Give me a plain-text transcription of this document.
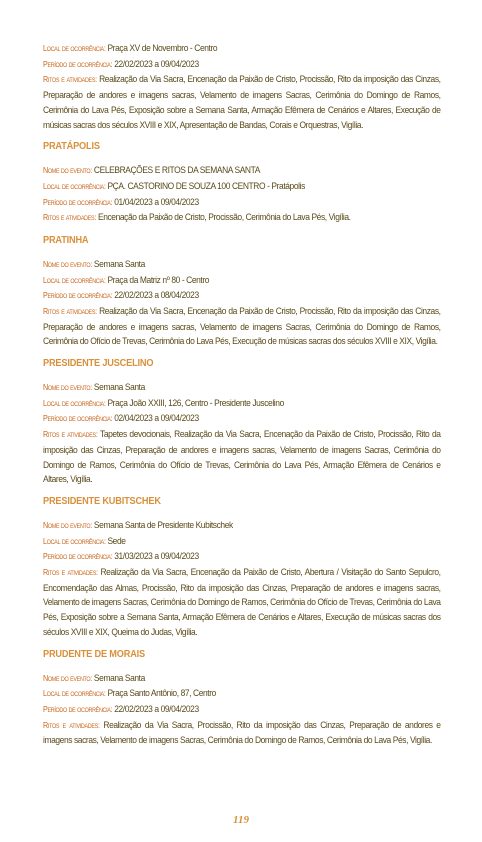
Local de ocorrência: Praça XV de Novembro - Centro
Período de ocorrência: 22/02/2023 a 09/04/2023
Ritos e atividades: Realização da Via Sacra, Encenação da Paixão de Cristo, Procissão, Rito da imposição das Cinzas, Preparação de andores e imagens sacras, Velamento de imagens Sacras, Cerimônia do Domingo de Ramos, Cerimônia do Lava Pés, Exposição sobre a Semana Santa, Armação Efêmera de Cenários e Altares, Execução de músicas sacras dos séculos XVIII e XIX, Apresentação de Bandas, Corais e Orquestras, Vigília.
PRATÁPOLIS
Nome do evento: CELEBRAÇÕES E RITOS DA SEMANA SANTA
Local de ocorrência: PÇA. CASTORINO DE SOUZA 100 CENTRO - Pratápolis
Período de ocorrência: 01/04/2023 a 09/04/2023
Ritos e atividades: Encenação da Paixão de Cristo, Procissão, Cerimônia do Lava Pés, Vigília.
PRATINHA
Nome do evento: Semana Santa
Local de ocorrência: Praça da Matriz nº 80 - Centro
Período de ocorrência: 22/02/2023 a 08/04/2023
Ritos e atividades: Realização da Via Sacra, Encenação da Paixão de Cristo, Procissão, Rito da imposição das Cinzas, Preparação de andores e imagens sacras, Velamento de imagens Sacras, Cerimônia do Domingo de Ramos, Cerimônia do Ofício de Trevas, Cerimônia do Lava Pés, Execução de músicas sacras dos séculos XVIII e XIX, Vigília.
PRESIDENTE JUSCELINO
Nome do evento: Semana Santa
Local de ocorrência: Praça João XXIII, 126, Centro - Presidente Juscelino
Período de ocorrência: 02/04/2023 a 09/04/2023
Ritos e atividades: Tapetes devocionais, Realização da Via Sacra, Encenação da Paixão de Cristo, Procissão, Rito da imposição das Cinzas, Preparação de andores e imagens sacras, Velamento de imagens Sacras, Cerimônia do Domingo de Ramos, Cerimônia do Ofício de Trevas, Cerimônia do Lava Pés, Armação Efêmera de Cenários e Altares, Vigília.
PRESIDENTE KUBITSCHEK
Nome do evento: Semana Santa de Presidente Kubitschek
Local de ocorrência: Sede
Período de ocorrência: 31/03/2023 a 09/04/2023
Ritos e atividades: Realização da Via Sacra, Encenação da Paixão de Cristo, Abertura / Visitação do Santo Sepulcro, Encomendação das Almas, Procissão, Rito da imposição das Cinzas, Preparação de andores e imagens sacras, Velamento de imagens Sacras, Cerimônia do Domingo de Ramos, Cerimônia do Ofício de Trevas, Cerimônia do Lava Pés, Exposição sobre a Semana Santa, Armação Efêmera de Cenários e Altares, Execução de músicas sacras dos séculos XVIII e XIX, Queima do Judas, Vigília.
PRUDENTE DE MORAIS
Nome do evento: Semana Santa
Local de ocorrência: Praça Santo Antônio, 87, Centro
Período de ocorrência: 22/02/2023 a 09/04/2023
Ritos e atividades: Realização da Via Sacra, Procissão, Rito da imposição das Cinzas, Preparação de andores e imagens sacras, Velamento de imagens Sacras, Cerimônia do Domingo de Ramos, Cerimônia do Lava Pés, Vigília.
119
